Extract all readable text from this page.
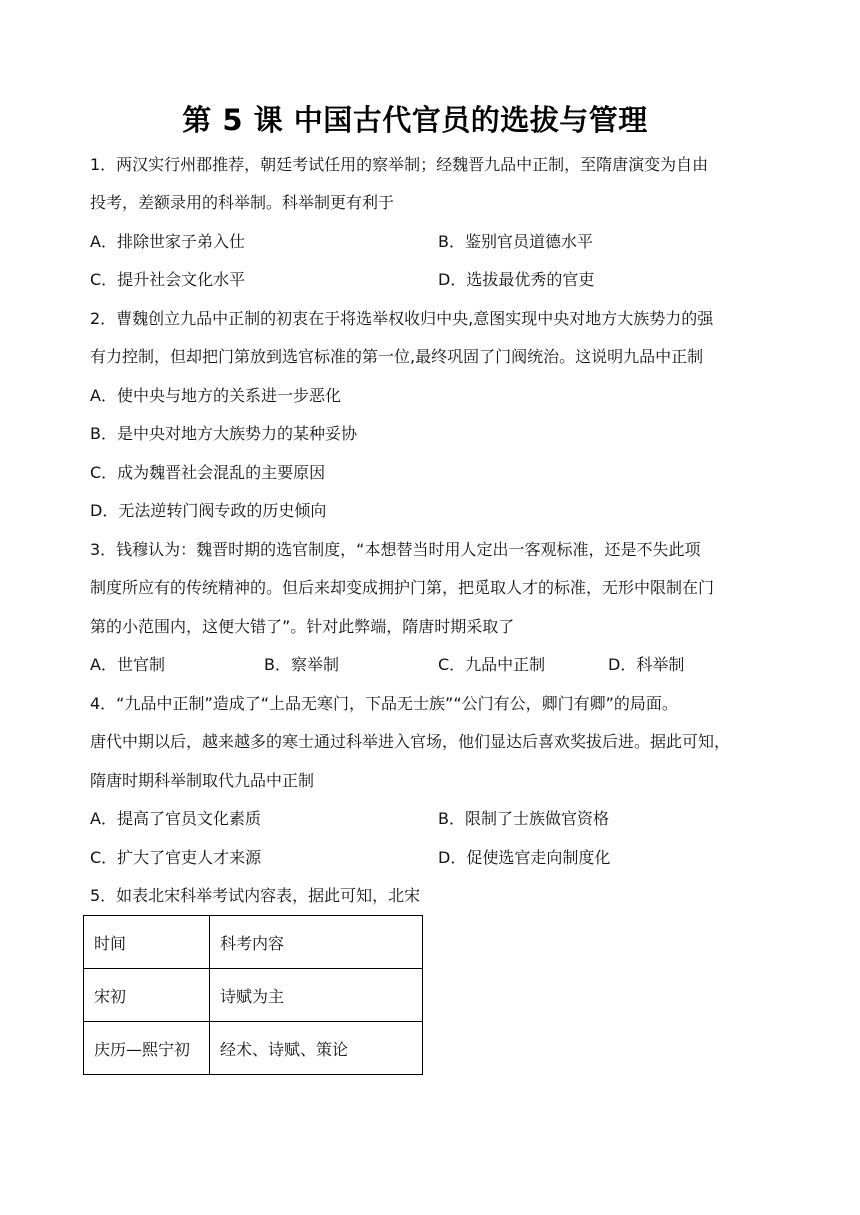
第 5 课 中国古代官员的选拔与管理
1．两汉实行州郡推荐，朝廷考试任用的察举制；经魏晋九品中正制，至隋唐演变为自由
投考，差额录用的科举制。科举制更有利于
A．排除世家子弟入仕	B．鉴别官员道德水平
C．提升社会文化水平	D．选拔最优秀的官吏
2．曹魏创立九品中正制的初衷在于将选举权收归中央,意图实现中央对地方大族势力的强
有力控制，但却把门第放到选官标准的第一位,最终巩固了门阀统治。这说明九品中正制
A．使中央与地方的关系进一步恶化
B．是中央对地方大族势力的某种妥协
C．成为魏晋社会混乱的主要原因
D．无法逆转门阀专政的历史倾向
3．钱穆认为：魏晋时期的选官制度，“本想替当时用人定出一客观标准，还是不失此项
制度所应有的传统精神的。但后来却变成拥护门第，把觅取人才的标准，无形中限制在门
第的小范围内，这便大错了”。针对此弊端，隋唐时期采取了
A．世官制	B．察举制	C．九品中正制	D．科举制
4．“九品中正制”造成了“上品无寒门，下品无士族”“公门有公，卿门有卿”的局面。
唐代中期以后，越来越多的寒士通过科举进入官场，他们显达后喜欢奖拔后进。据此可知，
隋唐时期科举制取代九品中正制
A．提高了官员文化素质	B．限制了士族做官资格
C．扩大了官吏人才来源	D．促使选官走向制度化
5．如表北宋科举考试内容表，据此可知，北宋
时间	科考内容
宋初	诗赋为主
庆历—熙宁初	经术、诗赋、策论
